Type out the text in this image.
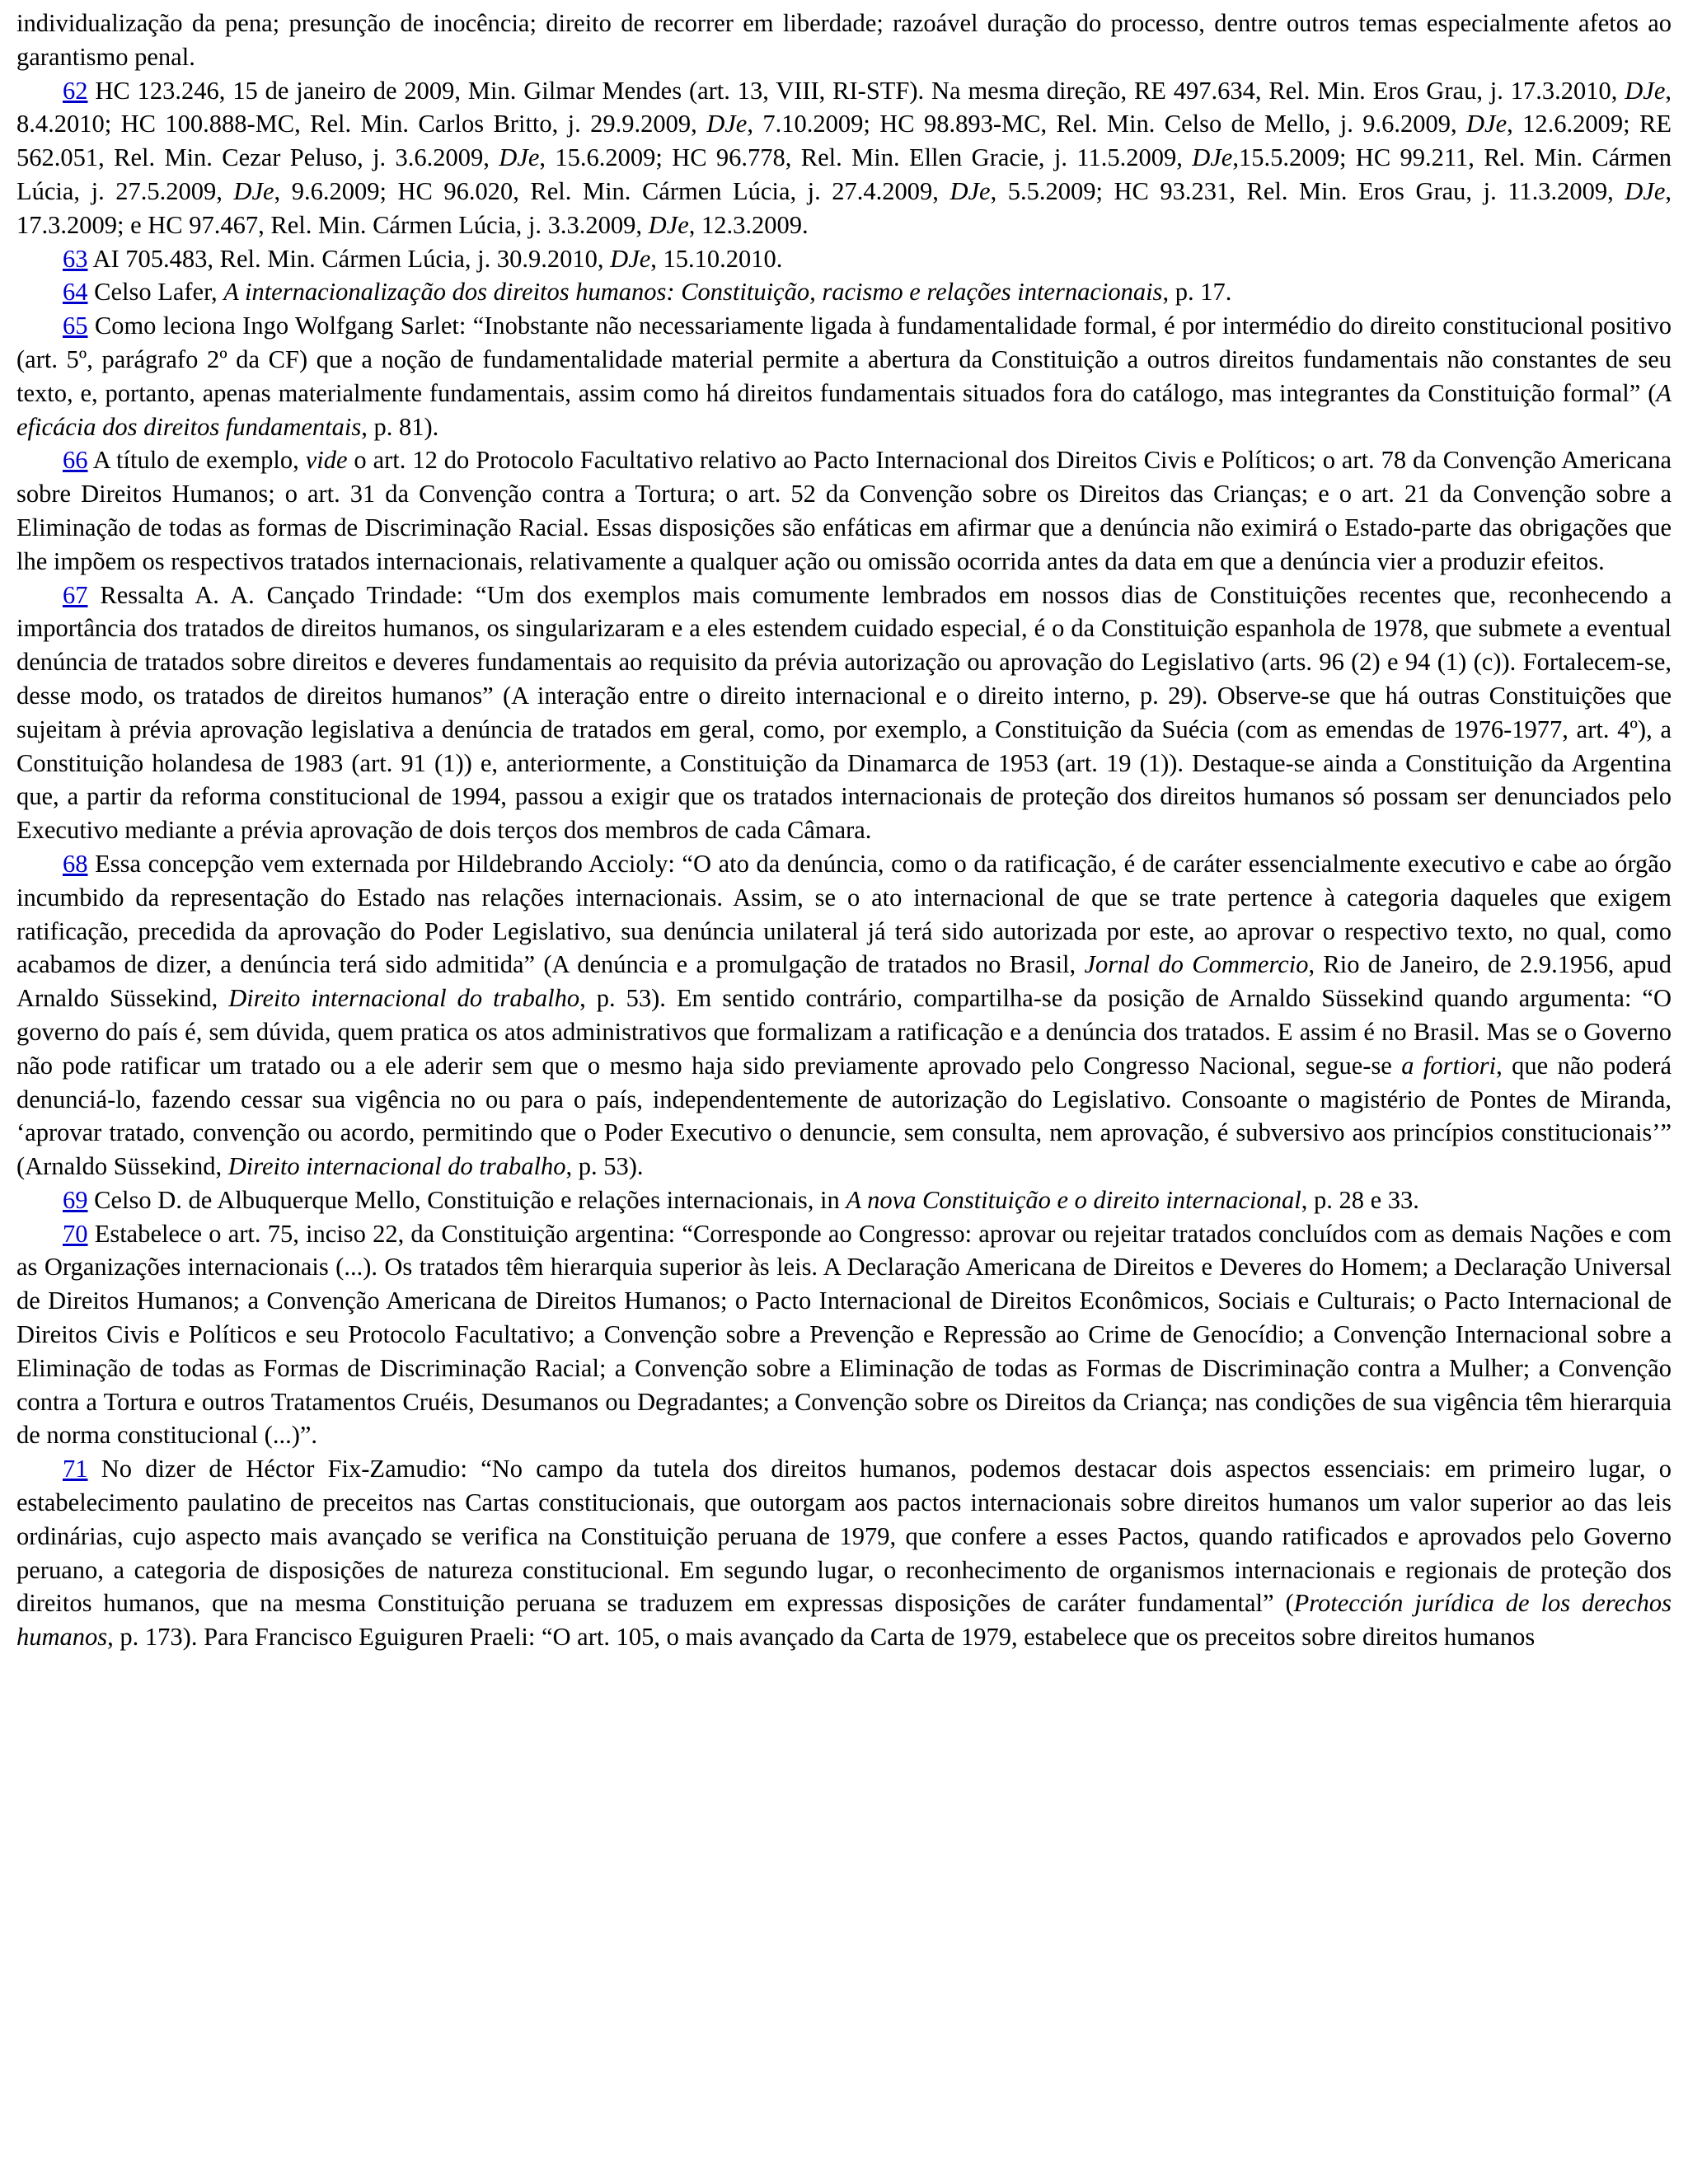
individualização da pena; presunção de inocência; direito de recorrer em liberdade; razoável duração do processo, dentre outros temas especialmente afetos ao garantismo penal.

62 HC 123.246, 15 de janeiro de 2009, Min. Gilmar Mendes (art. 13, VIII, RI-STF). Na mesma direção, RE 497.634, Rel. Min. Eros Grau, j. 17.3.2010, DJe, 8.4.2010; HC 100.888-MC, Rel. Min. Carlos Britto, j. 29.9.2009, DJe, 7.10.2009; HC 98.893-MC, Rel. Min. Celso de Mello, j. 9.6.2009, DJe, 12.6.2009; RE 562.051, Rel. Min. Cezar Peluso, j. 3.6.2009, DJe, 15.6.2009; HC 96.778, Rel. Min. Ellen Gracie, j. 11.5.2009, DJe,15.5.2009; HC 99.211, Rel. Min. Cármen Lúcia, j. 27.5.2009, DJe, 9.6.2009; HC 96.020, Rel. Min. Cármen Lúcia, j. 27.4.2009, DJe, 5.5.2009; HC 93.231, Rel. Min. Eros Grau, j. 11.3.2009, DJe, 17.3.2009; e HC 97.467, Rel. Min. Cármen Lúcia, j. 3.3.2009, DJe, 12.3.2009.

63 AI 705.483, Rel. Min. Cármen Lúcia, j. 30.9.2010, DJe, 15.10.2010.

64 Celso Lafer, A internacionalização dos direitos humanos: Constituição, racismo e relações internacionais, p. 17.

65 Como leciona Ingo Wolfgang Sarlet: “Inobstante não necessariamente ligada à fundamentalidade formal, é por intermédio do direito constitucional positivo (art. 5º, parágrafo 2º da CF) que a noção de fundamentalidade material permite a abertura da Constituição a outros direitos fundamentais não constantes de seu texto, e, portanto, apenas materialmente fundamentais, assim como há direitos fundamentais situados fora do catálogo, mas integrantes da Constituição formal” (A eficácia dos direitos fundamentais, p. 81).

66 A título de exemplo, vide o art. 12 do Protocolo Facultativo relativo ao Pacto Internacional dos Direitos Civis e Políticos; o art. 78 da Convenção Americana sobre Direitos Humanos; o art. 31 da Convenção contra a Tortura; o art. 52 da Convenção sobre os Direitos das Crianças; e o art. 21 da Convenção sobre a Eliminação de todas as formas de Discriminação Racial. Essas disposições são enfáticas em afirmar que a denúncia não eximirá o Estado-parte das obrigações que lhe impõem os respectivos tratados internacionais, relativamente a qualquer ação ou omissão ocorrida antes da data em que a denúncia vier a produzir efeitos.

67 Ressalta A. A. Cançado Trindade: “Um dos exemplos mais comumente lembrados em nossos dias de Constituições recentes que, reconhecendo a importância dos tratados de direitos humanos, os singularizaram e a eles estendem cuidado especial, é o da Constituição espanhola de 1978, que submete a eventual denúncia de tratados sobre direitos e deveres fundamentais ao requisito da prévia autorização ou aprovação do Legislativo (arts. 96 (2) e 94 (1) (c)). Fortalecem-se, desse modo, os tratados de direitos humanos” (A interação entre o direito internacional e o direito interno, p. 29). Observe-se que há outras Constituições que sujeitam à prévia aprovação legislativa a denúncia de tratados em geral, como, por exemplo, a Constituição da Suécia (com as emendas de 1976-1977, art. 4º), a Constituição holandesa de 1983 (art. 91 (1)) e, anteriormente, a Constituição da Dinamarca de 1953 (art. 19 (1)). Destaque-se ainda a Constituição da Argentina que, a partir da reforma constitucional de 1994, passou a exigir que os tratados internacionais de proteção dos direitos humanos só possam ser denunciados pelo Executivo mediante a prévia aprovação de dois terços dos membros de cada Câmara.

68 Essa concepção vem externada por Hildebrando Accioly: “O ato da denúncia, como o da ratificação, é de caráter essencialmente executivo e cabe ao órgão incumbido da representação do Estado nas relações internacionais. Assim, se o ato internacional de que se trate pertence à categoria daqueles que exigem ratificação, precedida da aprovação do Poder Legislativo, sua denúncia unilateral já terá sido autorizada por este, ao aprovar o respectivo texto, no qual, como acabamos de dizer, a denúncia terá sido admitida” (A denúncia e a promulgação de tratados no Brasil, Jornal do Commercio, Rio de Janeiro, de 2.9.1956, apud Arnaldo Süssekind, Direito internacional do trabalho, p. 53). Em sentido contrário, compartilha-se da posição de Arnaldo Süssekind quando argumenta: “O governo do país é, sem dúvida, quem pratica os atos administrativos que formalizam a ratificação e a denúncia dos tratados. E assim é no Brasil. Mas se o Governo não pode ratificar um tratado ou a ele aderir sem que o mesmo haja sido previamente aprovado pelo Congresso Nacional, segue-se a fortiori, que não poderá denunciá-lo, fazendo cessar sua vigência no ou para o país, independentemente de autorização do Legislativo. Consoante o magistério de Pontes de Miranda, ‘aprovar tratado, convenção ou acordo, permitindo que o Poder Executivo o denuncie, sem consulta, nem aprovação, é subversivo aos princípios constitucionais’” (Arnaldo Süssekind, Direito internacional do trabalho, p. 53).

69 Celso D. de Albuquerque Mello, Constituição e relações internacionais, in A nova Constituição e o direito internacional, p. 28 e 33.

70 Estabelece o art. 75, inciso 22, da Constituição argentina: “Corresponde ao Congresso: aprovar ou rejeitar tratados concluídos com as demais Nações e com as Organizações internacionais (...). Os tratados têm hierarquia superior às leis. A Declaração Americana de Direitos e Deveres do Homem; a Declaração Universal de Direitos Humanos; a Convenção Americana de Direitos Humanos; o Pacto Internacional de Direitos Econômicos, Sociais e Culturais; o Pacto Internacional de Direitos Civis e Políticos e seu Protocolo Facultativo; a Convenção sobre a Prevenção e Repressão ao Crime de Genocídio; a Convenção Internacional sobre a Eliminação de todas as Formas de Discriminação Racial; a Convenção sobre a Eliminação de todas as Formas de Discriminação contra a Mulher; a Convenção contra a Tortura e outros Tratamentos Cruéis, Desumanos ou Degradantes; a Convenção sobre os Direitos da Criança; nas condições de sua vigência têm hierarquia de norma constitucional (...)”.

71 No dizer de Héctor Fix-Zamudio: “No campo da tutela dos direitos humanos, podemos destacar dois aspectos essenciais: em primeiro lugar, o estabelecimento paulatino de preceitos nas Cartas constitucionais, que outorgam aos pactos internacionais sobre direitos humanos um valor superior ao das leis ordinárias, cujo aspecto mais avançado se verifica na Constituição peruana de 1979, que confere a esses Pactos, quando ratificados e aprovados pelo Governo peruano, a categoria de disposições de natureza constitucional. Em segundo lugar, o reconhecimento de organismos internacionais e regionais de proteção dos direitos humanos, que na mesma Constituição peruana se traduzem em expressas disposições de caráter fundamental” (Protección jurídica de los derechos humanos, p. 173). Para Francisco Eguiguren Praeli: “O art. 105, o mais avançado da Carta de 1979, estabelece que os preceitos sobre direitos humanos
